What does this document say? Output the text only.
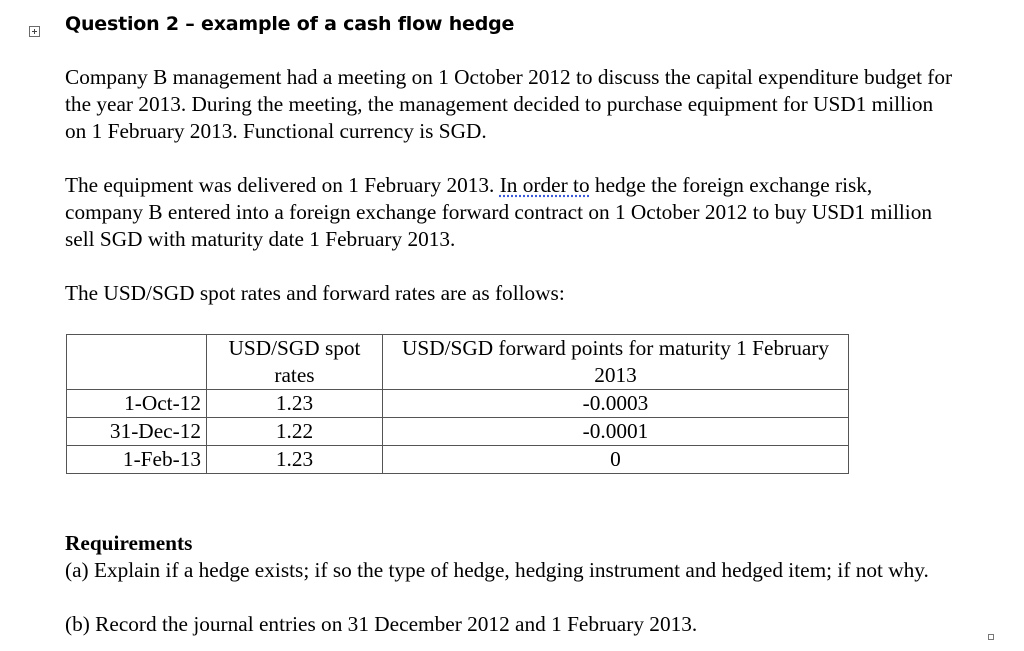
Question 2 – example of a cash flow hedge

Company B management had a meeting on 1 October 2012 to discuss the capital expenditure budget for the year 2013. During the meeting, the management decided to purchase equipment for USD1 million on 1 February 2013. Functional currency is SGD.

The equipment was delivered on 1 February 2013. In order to hedge the foreign exchange risk, company B entered into a foreign exchange forward contract on 1 October 2012 to buy USD1 million sell SGD with maturity date 1 February 2013.

The USD/SGD spot rates and forward rates are as follows:

	USD/SGD spot rates	USD/SGD forward points for maturity 1 February 2013
1-Oct-12	1.23	-0.0003
31-Dec-12	1.22	-0.0001
1-Feb-13	1.23	0

Requirements

(a) Explain if a hedge exists; if so the type of hedge, hedging instrument and hedged item; if not why.

(b) Record the journal entries on 31 December 2012 and 1 February 2013.
